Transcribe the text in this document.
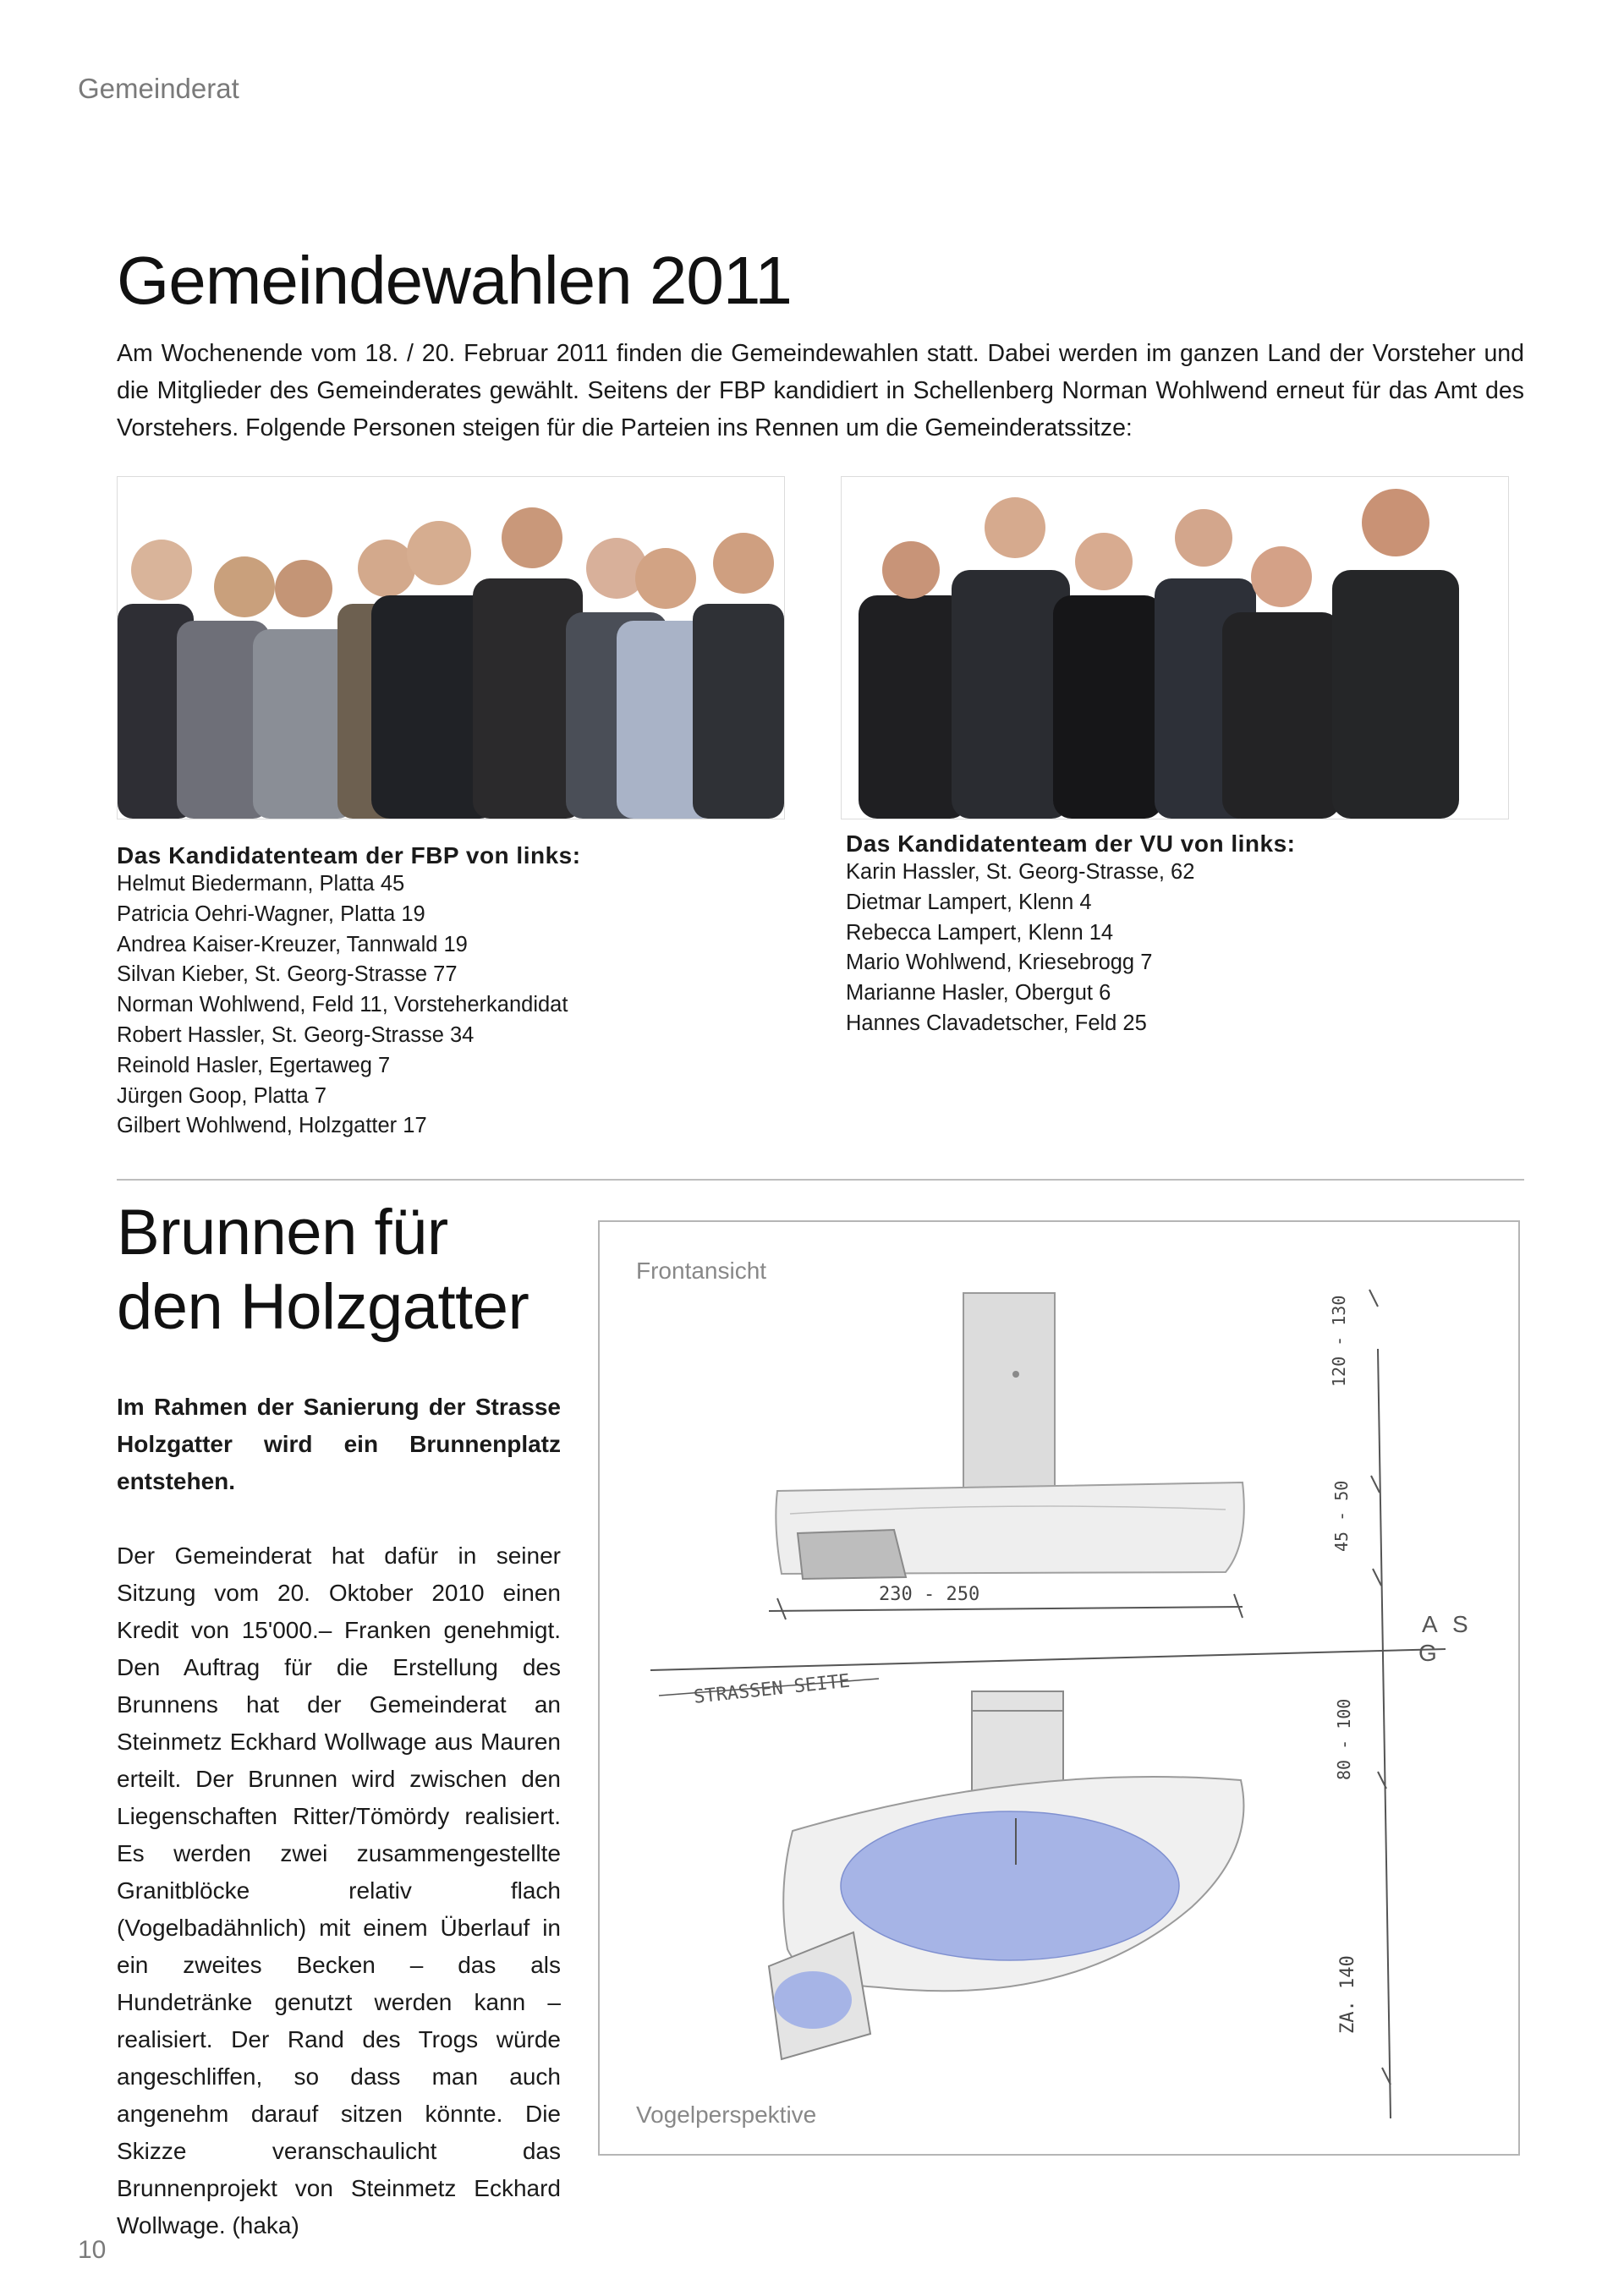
Gemeinderat
Gemeindewahlen 2011

Am Wochenende vom 18. / 20. Februar 2011 finden die Gemeindewahlen statt. Dabei werden im ganzen Land der Vorsteher und die Mitglieder des Gemeinderates gewählt. Seitens der FBP kandidiert in Schellenberg Norman Wohlwend erneut für das Amt des Vorstehers. Folgende Personen steigen für die Parteien ins Rennen um die Gemeinderatssitze:

Das Kandidatenteam der FBP von links:
Helmut Biedermann, Platta 45
Patricia Oehri-Wagner, Platta 19
Andrea Kaiser-Kreuzer, Tannwald 19
Silvan Kieber, St. Georg-Strasse 77
Norman Wohlwend, Feld 11, Vorsteherkandidat
Robert Hassler, St. Georg-Strasse 34
Reinold Hasler, Egertaweg 7
Jürgen Goop, Platta 7
Gilbert Wohlwend, Holzgatter 17
Das Kandidatenteam der VU von links:
Karin Hassler, St. Georg-Strasse, 62
Dietmar Lampert, Klenn 4
Rebecca Lampert, Klenn 14
Mario Wohlwend, Kriesebrogg 7
Marianne Hasler, Obergut 6
Hannes Clavadetscher, Feld 25
Brunnen für
den Holzgatter
Im Rahmen der Sanierung der Strasse Holzgatter wird ein Brunnenplatz entstehen.
Der Gemeinderat hat dafür in seiner Sitzung vom 20. Oktober 2010 einen Kredit von 15'000.– Franken genehmigt. Den Auftrag für die Erstellung des Brunnens hat der Gemeinderat an Steinmetz Eckhard Wollwage aus Mauren erteilt. Der Brunnen wird zwischen den Liegenschaften Ritter/Tömördy realisiert. Es werden zwei zusammengestellte Granitblöcke relativ flach (Vogelbadähnlich) mit einem Überlauf in ein zweites Becken – das als Hundetränke genutzt werden kann – realisiert. Der Rand des Trogs würde angeschliffen, so dass man auch angenehm darauf sitzen könnte. Die Skizze veranschaulicht das Brunnenprojekt von Steinmetz Eckhard Wollwage. (haka)
Frontansicht
Vogelperspektive
230 - 250
120 - 130
45 - 50
80 - 100
ZA. 140
STRASSEN SEITE
A S
G
10
